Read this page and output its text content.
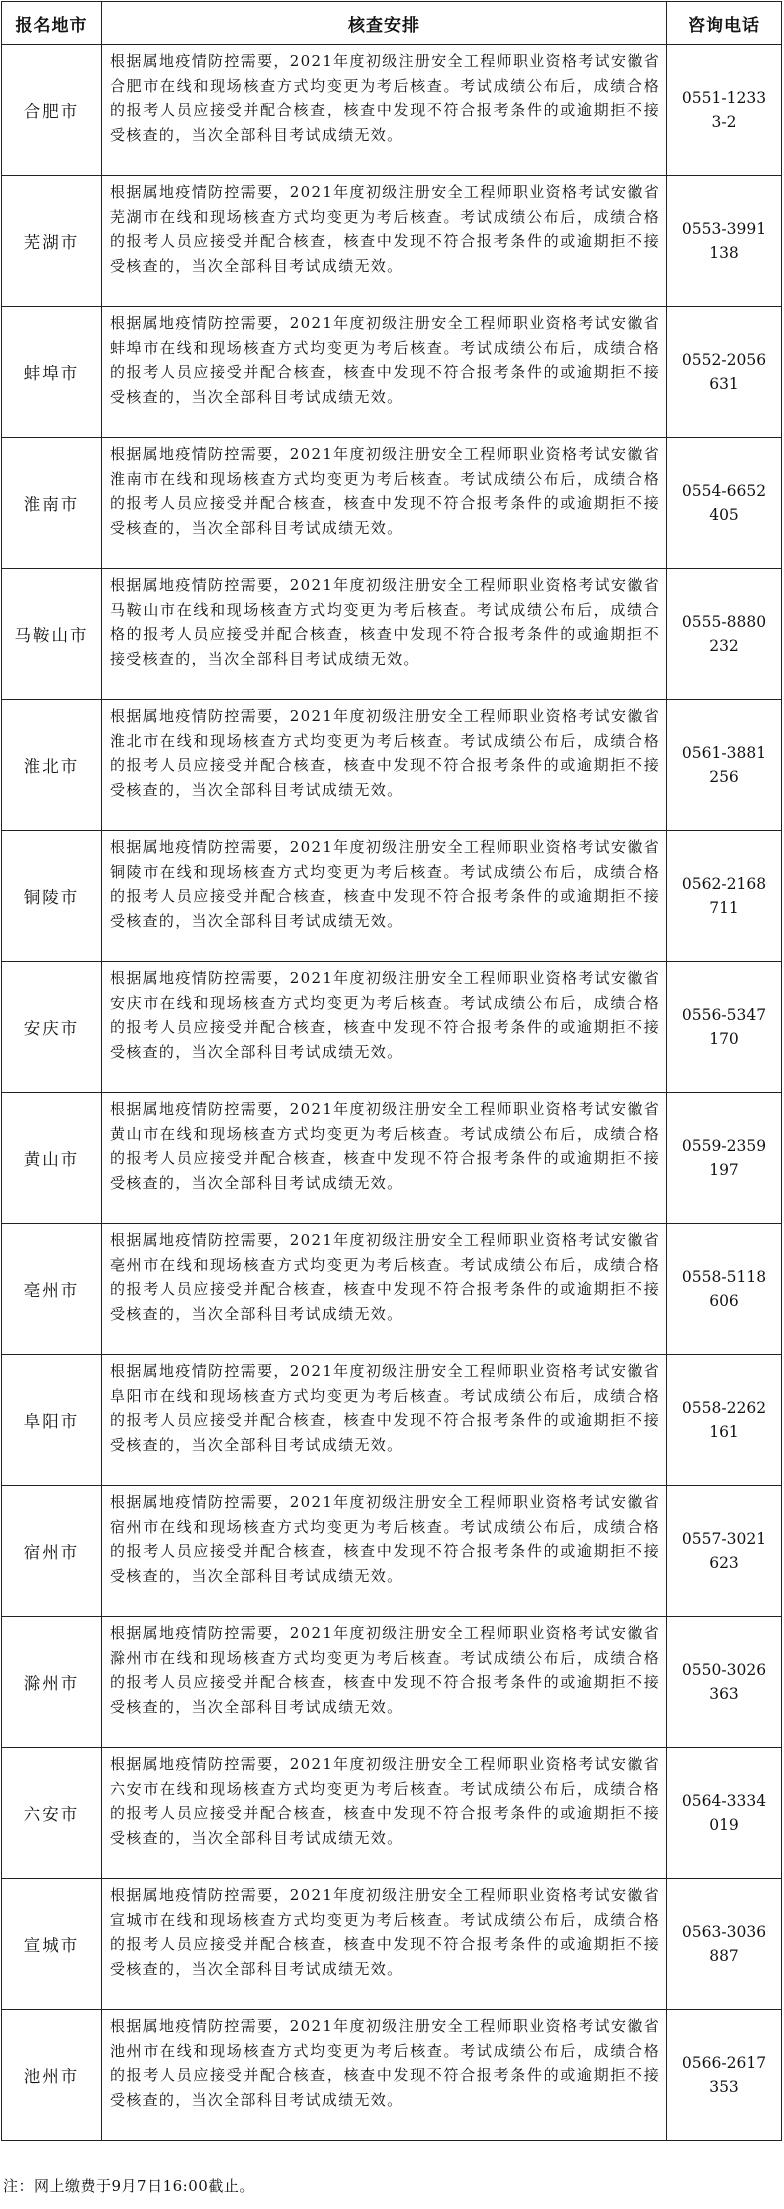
报名地市	核查安排	咨询电话
合肥市	根据属地疫情防控需要，2021年度初级注册安全工程师职业资格考试安徽省合肥市在线和现场核查方式均变更为考后核查。考试成绩公布后，成绩合格的报考人员应接受并配合核查，核查中发现不符合报考条件的或逾期拒不接受核查的，当次全部科目考试成绩无效。	0551-12333-2
芜湖市	根据属地疫情防控需要，2021年度初级注册安全工程师职业资格考试安徽省芜湖市在线和现场核查方式均变更为考后核查。考试成绩公布后，成绩合格的报考人员应接受并配合核查，核查中发现不符合报考条件的或逾期拒不接受核查的，当次全部科目考试成绩无效。	0553-3991138
蚌埠市	根据属地疫情防控需要，2021年度初级注册安全工程师职业资格考试安徽省蚌埠市在线和现场核查方式均变更为考后核查。考试成绩公布后，成绩合格的报考人员应接受并配合核查，核查中发现不符合报考条件的或逾期拒不接受核查的，当次全部科目考试成绩无效。	0552-2056631
淮南市	根据属地疫情防控需要，2021年度初级注册安全工程师职业资格考试安徽省淮南市在线和现场核查方式均变更为考后核查。考试成绩公布后，成绩合格的报考人员应接受并配合核查，核查中发现不符合报考条件的或逾期拒不接受核查的，当次全部科目考试成绩无效。	0554-6652405
马鞍山市	根据属地疫情防控需要，2021年度初级注册安全工程师职业资格考试安徽省马鞍山市在线和现场核查方式均变更为考后核查。考试成绩公布后，成绩合格的报考人员应接受并配合核查，核查中发现不符合报考条件的或逾期拒不接受核查的，当次全部科目考试成绩无效。	0555-8880232
淮北市	根据属地疫情防控需要，2021年度初级注册安全工程师职业资格考试安徽省淮北市在线和现场核查方式均变更为考后核查。考试成绩公布后，成绩合格的报考人员应接受并配合核查，核查中发现不符合报考条件的或逾期拒不接受核查的，当次全部科目考试成绩无效。	0561-3881256
铜陵市	根据属地疫情防控需要，2021年度初级注册安全工程师职业资格考试安徽省铜陵市在线和现场核查方式均变更为考后核查。考试成绩公布后，成绩合格的报考人员应接受并配合核查，核查中发现不符合报考条件的或逾期拒不接受核查的，当次全部科目考试成绩无效。	0562-2168711
安庆市	根据属地疫情防控需要，2021年度初级注册安全工程师职业资格考试安徽省安庆市在线和现场核查方式均变更为考后核查。考试成绩公布后，成绩合格的报考人员应接受并配合核查，核查中发现不符合报考条件的或逾期拒不接受核查的，当次全部科目考试成绩无效。	0556-5347170
黄山市	根据属地疫情防控需要，2021年度初级注册安全工程师职业资格考试安徽省黄山市在线和现场核查方式均变更为考后核查。考试成绩公布后，成绩合格的报考人员应接受并配合核查，核查中发现不符合报考条件的或逾期拒不接受核查的，当次全部科目考试成绩无效。	0559-2359197
亳州市	根据属地疫情防控需要，2021年度初级注册安全工程师职业资格考试安徽省亳州市在线和现场核查方式均变更为考后核查。考试成绩公布后，成绩合格的报考人员应接受并配合核查，核查中发现不符合报考条件的或逾期拒不接受核查的，当次全部科目考试成绩无效。	0558-5118606
阜阳市	根据属地疫情防控需要，2021年度初级注册安全工程师职业资格考试安徽省阜阳市在线和现场核查方式均变更为考后核查。考试成绩公布后，成绩合格的报考人员应接受并配合核查，核查中发现不符合报考条件的或逾期拒不接受核查的，当次全部科目考试成绩无效。	0558-2262161
宿州市	根据属地疫情防控需要，2021年度初级注册安全工程师职业资格考试安徽省宿州市在线和现场核查方式均变更为考后核查。考试成绩公布后，成绩合格的报考人员应接受并配合核查，核查中发现不符合报考条件的或逾期拒不接受核查的，当次全部科目考试成绩无效。	0557-3021623
滁州市	根据属地疫情防控需要，2021年度初级注册安全工程师职业资格考试安徽省滁州市在线和现场核查方式均变更为考后核查。考试成绩公布后，成绩合格的报考人员应接受并配合核查，核查中发现不符合报考条件的或逾期拒不接受核查的，当次全部科目考试成绩无效。	0550-3026363
六安市	根据属地疫情防控需要，2021年度初级注册安全工程师职业资格考试安徽省六安市在线和现场核查方式均变更为考后核查。考试成绩公布后，成绩合格的报考人员应接受并配合核查，核查中发现不符合报考条件的或逾期拒不接受核查的，当次全部科目考试成绩无效。	0564-3334019
宣城市	根据属地疫情防控需要，2021年度初级注册安全工程师职业资格考试安徽省宣城市在线和现场核查方式均变更为考后核查。考试成绩公布后，成绩合格的报考人员应接受并配合核查，核查中发现不符合报考条件的或逾期拒不接受核查的，当次全部科目考试成绩无效。	0563-3036887
池州市	根据属地疫情防控需要，2021年度初级注册安全工程师职业资格考试安徽省池州市在线和现场核查方式均变更为考后核查。考试成绩公布后，成绩合格的报考人员应接受并配合核查，核查中发现不符合报考条件的或逾期拒不接受核查的，当次全部科目考试成绩无效。	0566-2617353
注：网上缴费于9月7日16:00截止。
